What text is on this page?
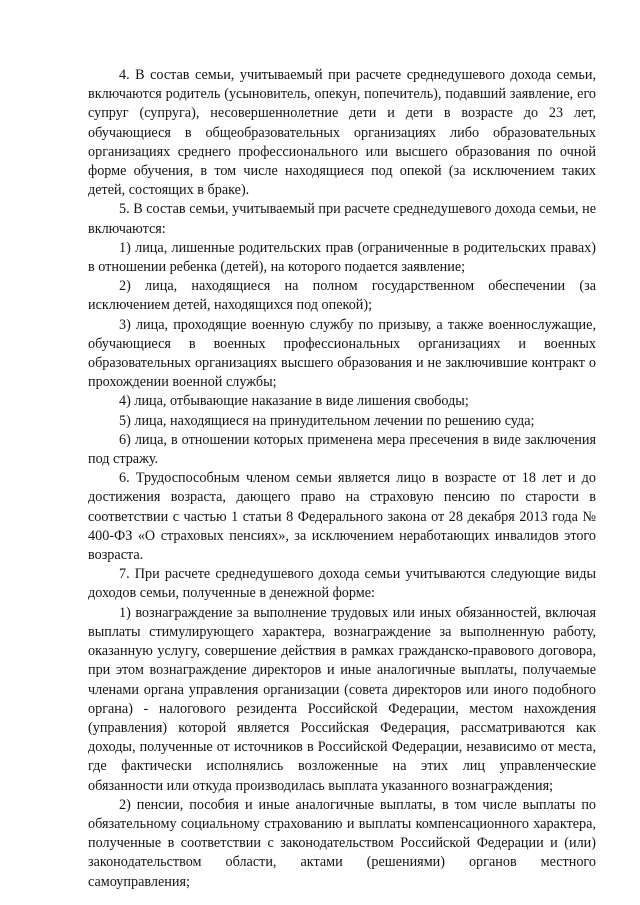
4. В состав семьи, учитываемый при расчете среднедушевого дохода семьи, включаются родитель (усыновитель, опекун, попечитель), подавший заявление, его супруг (супруга), несовершеннолетние дети и дети в возрасте до 23 лет, обучающиеся в общеобразовательных организациях либо образовательных организациях среднего профессионального или высшего образования по очной форме обучения, в том числе находящиеся под опекой (за исключением таких детей, состоящих в браке).

5. В состав семьи, учитываемый при расчете среднедушевого дохода семьи, не включаются:

1) лица, лишенные родительских прав (ограниченные в родительских правах) в отношении ребенка (детей), на которого подается заявление;

2) лица, находящиеся на полном государственном обеспечении (за исключением детей, находящихся под опекой);

3) лица, проходящие военную службу по призыву, а также военнослужащие, обучающиеся в военных профессиональных организациях и военных образовательных организациях высшего образования и не заключившие контракт о прохождении военной службы;

4) лица, отбывающие наказание в виде лишения свободы;

5) лица, находящиеся на принудительном лечении по решению суда;

6) лица, в отношении которых применена мера пресечения в виде заключения под стражу.

6. Трудоспособным членом семьи является лицо в возрасте от 18 лет и до достижения возраста, дающего право на страховую пенсию по старости в соответствии с частью 1 статьи 8 Федерального закона от 28 декабря 2013 года № 400-ФЗ «О страховых пенсиях», за исключением неработающих инвалидов этого возраста.

7. При расчете среднедушевого дохода семьи учитываются следующие виды доходов семьи, полученные в денежной форме:

1) вознаграждение за выполнение трудовых или иных обязанностей, включая выплаты стимулирующего характера, вознаграждение за выполненную работу, оказанную услугу, совершение действия в рамках гражданско-правового договора, при этом вознаграждение директоров и иные аналогичные выплаты, получаемые членами органа управления организации (совета директоров или иного подобного органа) - налогового резидента Российской Федерации, местом нахождения (управления) которой является Российская Федерация, рассматриваются как доходы, полученные от источников в Российской Федерации, независимо от места, где фактически исполнялись возложенные на этих лиц управленческие обязанности или откуда производилась выплата указанного вознаграждения;

2) пенсии, пособия и иные аналогичные выплаты, в том числе выплаты по обязательному социальному страхованию и выплаты компенсационного характера, полученные в соответствии с законодательством Российской Федерации и (или) законодательством области, актами (решениями) органов местного самоуправления;
